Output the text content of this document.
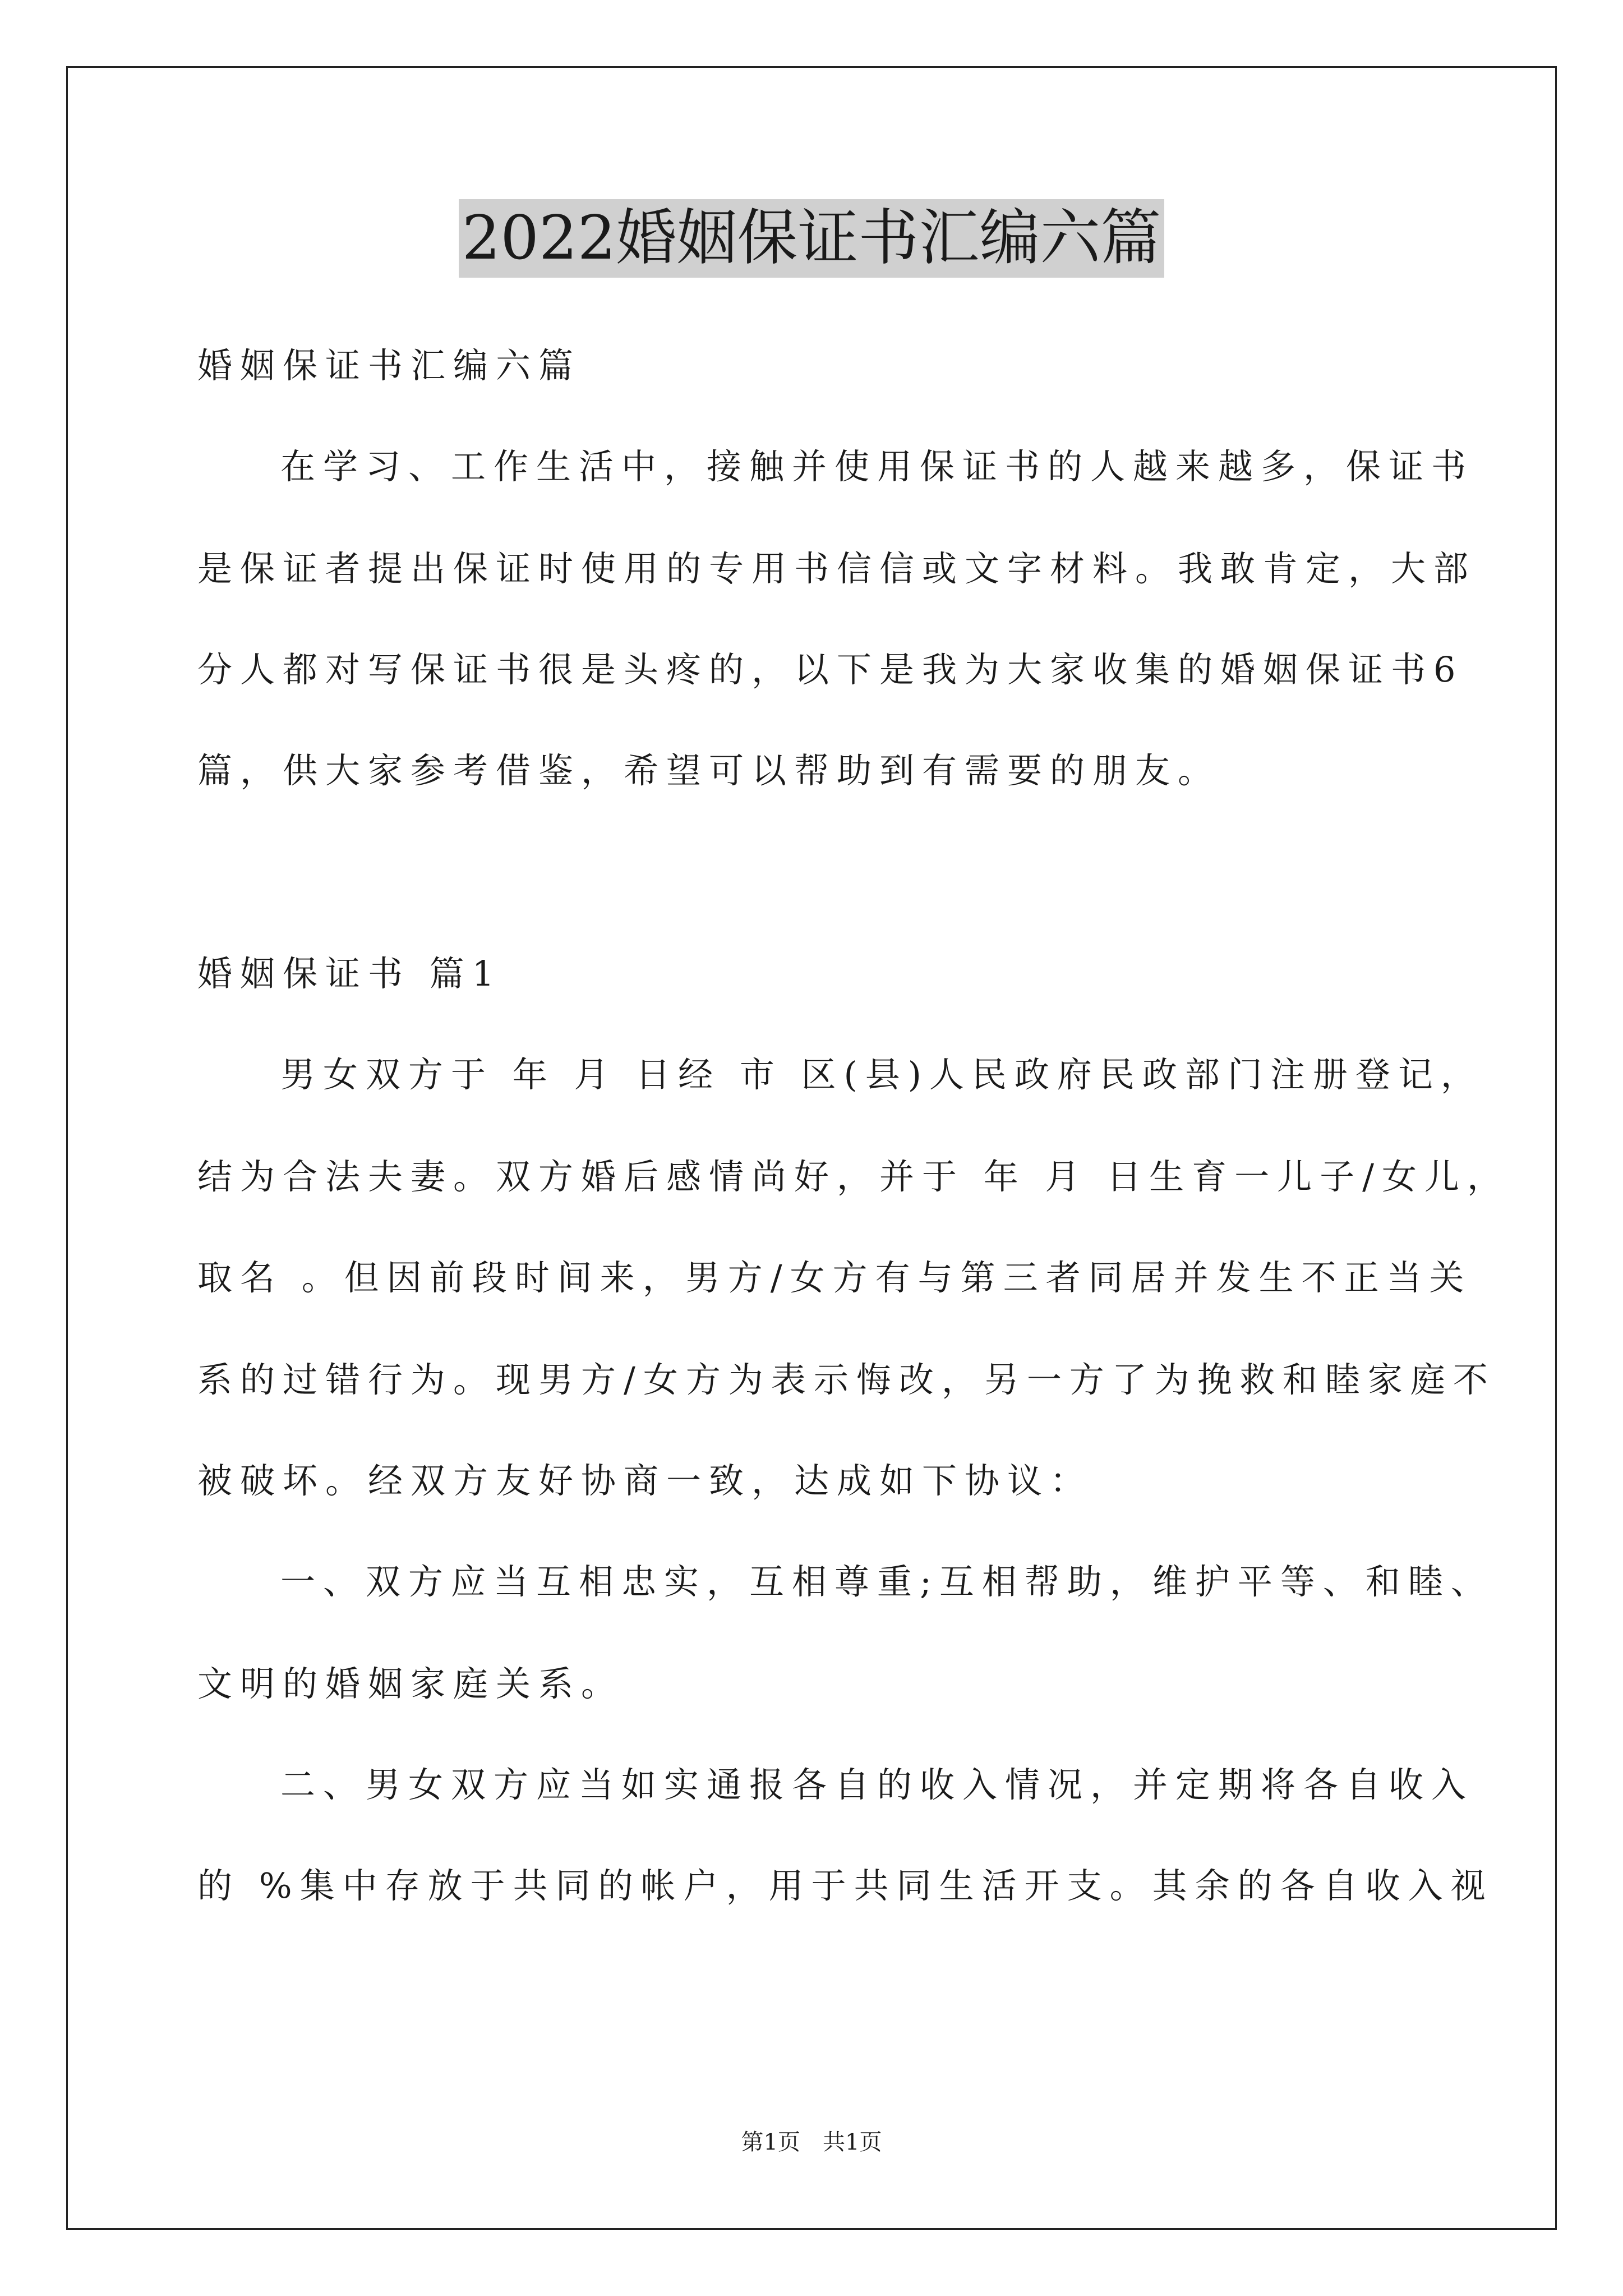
2022婚姻保证书汇编六篇
婚姻保证书汇编六篇
在学习、工作生活中，接触并使用保证书的人越来越多，保证书
是保证者提出保证时使用的专用书信信或文字材料。我敢肯定，大部
分人都对写保证书很是头疼的，以下是我为大家收集的婚姻保证书6
篇，供大家参考借鉴，希望可以帮助到有需要的朋友。
婚姻保证书 篇1
男女双方于 年 月 日经 市 区(县)人民政府民政部门注册登记，
结为合法夫妻。双方婚后感情尚好，并于 年 月 日生育一儿子/女儿，
取名 。但因前段时间来，男方/女方有与第三者同居并发生不正当关
系的过错行为。现男方/女方为表示悔改，另一方了为挽救和睦家庭不
被破坏。经双方友好协商一致，达成如下协议：
一、双方应当互相忠实，互相尊重;互相帮助，维护平等、和睦、
文明的婚姻家庭关系。
二、男女双方应当如实通报各自的收入情况，并定期将各自收入
的 %集中存放于共同的帐户，用于共同生活开支。其余的各自收入视
第1页　共1页
